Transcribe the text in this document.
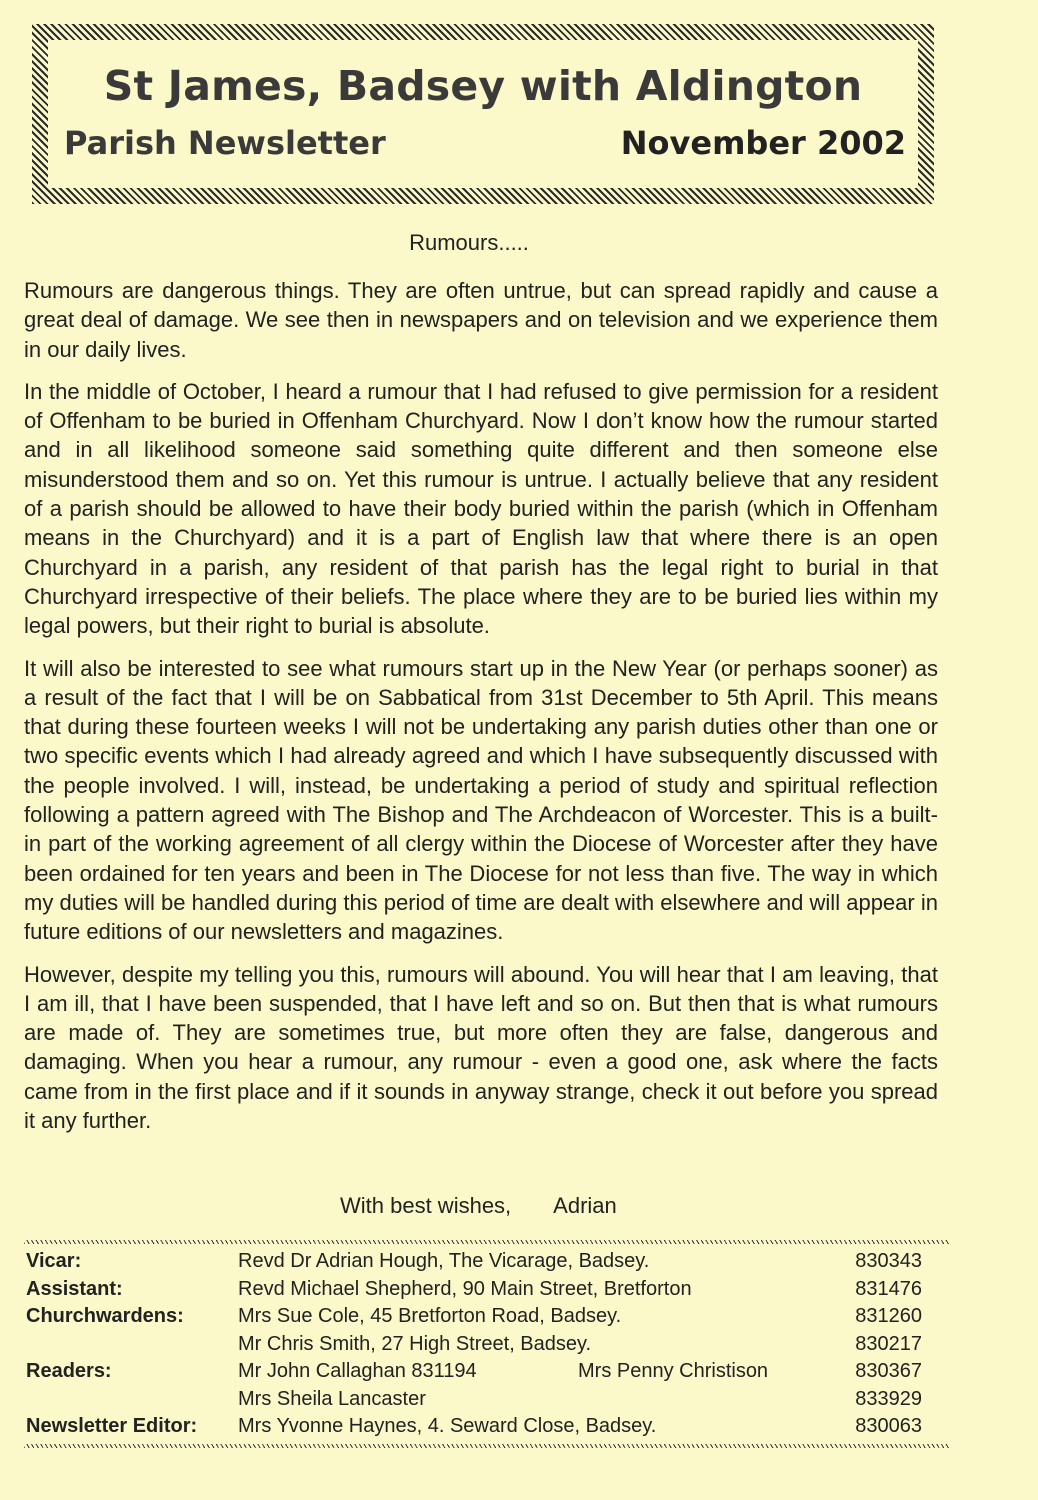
St James, Badsey with Aldington
Parish Newsletter	November 2002
Rumours.....

Rumours are dangerous things. They are often untrue, but can spread rapidly and cause a great deal of damage. We see then in newspapers and on television and we experience them in our daily lives.

In the middle of October, I heard a rumour that I had refused to give permission for a resident of Offenham to be buried in Offenham Churchyard. Now I don’t know how the rumour started and in all likelihood someone said something quite different and then someone else misunderstood them and so on. Yet this rumour is untrue. I actually believe that any resident of a parish should be allowed to have their body buried within the parish (which in Offenham means in the Churchyard) and it is a part of English law that where there is an open Churchyard in a parish, any resident of that parish has the legal right to burial in that Churchyard irrespective of their beliefs. The place where they are to be buried lies within my legal powers, but their right to burial is absolute.

It will also be interested to see what rumours start up in the New Year (or perhaps sooner) as a result of the fact that I will be on Sabbatical from 31st December to 5th April. This means that during these fourteen weeks I will not be undertaking any parish duties other than one or two specific events which I had already agreed and which I have subsequently discussed with the people involved. I will, instead, be undertaking a period of study and spiritual reflection following a pattern agreed with The Bishop and The Archdeacon of Worcester. This is a built-in part of the working agreement of all clergy within the Diocese of Worcester after they have been ordained for ten years and been in The Diocese for not less than five. The way in which my duties will be handled during this period of time are dealt with elsewhere and will appear in future editions of our newsletters and magazines.

However, despite my telling you this, rumours will abound. You will hear that I am leaving, that I am ill, that I have been suspended, that I have left and so on. But then that is what rumours are made of. They are sometimes true, but more often they are false, dangerous and damaging. When you hear a rumour, any rumour - even a good one, ask where the facts came from in the first place and if it sounds in anyway strange, check it out before you spread it any further.

With best wishes, Adrian
Vicar:	Revd Dr Adrian Hough, The Vicarage, Badsey.	830343
Assistant:	Revd Michael Shepherd, 90 Main Street, Bretforton	831476
Churchwardens:	Mrs Sue Cole, 45 Bretforton Road, Badsey.	831260
Mr Chris Smith, 27 High Street, Badsey.	830217
Readers:	Mr John Callaghan 831194	Mrs Penny Christison	830367
Mrs Sheila Lancaster	833929
Newsletter Editor: Mrs Yvonne Haynes, 4. Seward Close, Badsey.	830063
